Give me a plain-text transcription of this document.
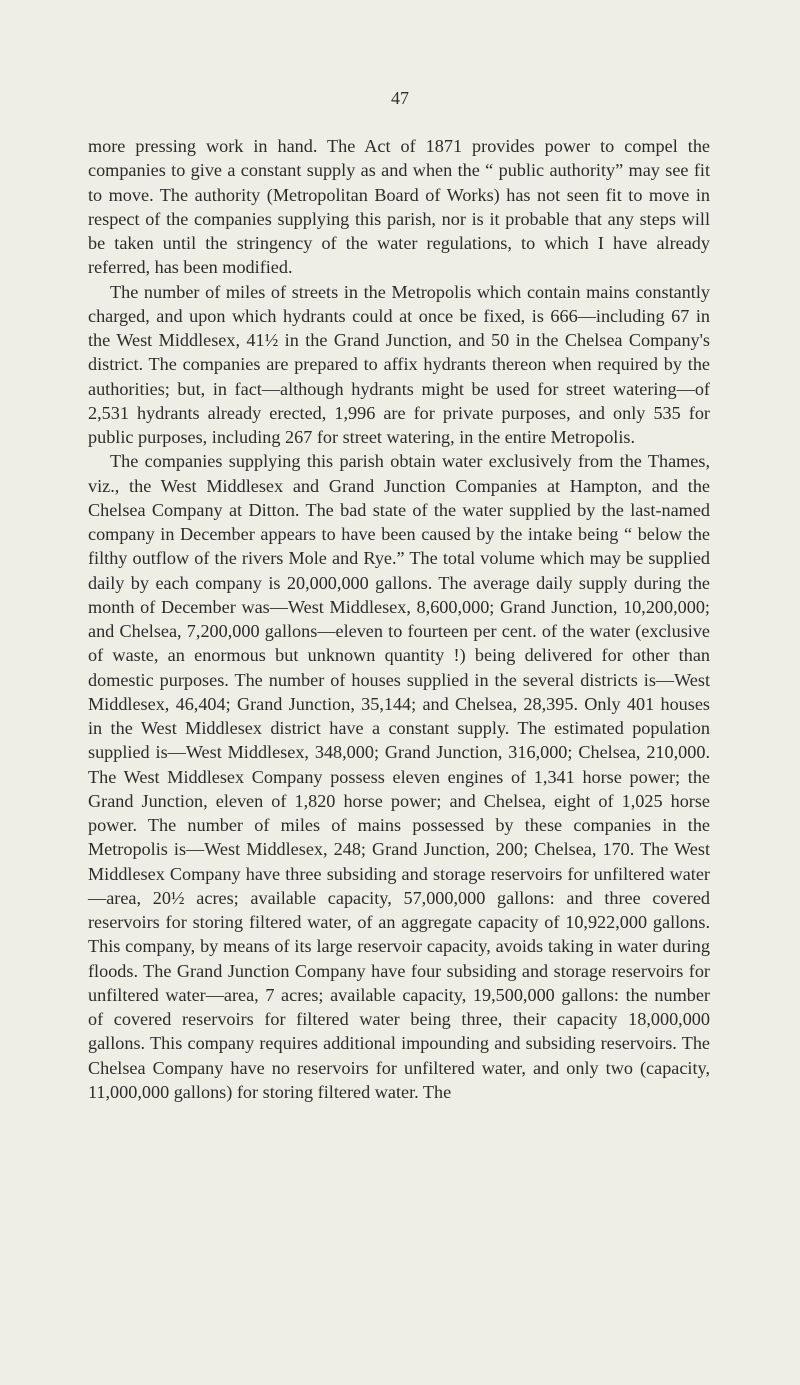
47

more pressing work in hand. The Act of 1871 provides power to compel the companies to give a constant supply as and when the “ public authority” may see fit to move. The authority (Metropolitan Board of Works) has not seen fit to move in respect of the companies supplying this parish, nor is it probable that any steps will be taken until the stringency of the water regulations, to which I have already referred, has been modified.

The number of miles of streets in the Metropolis which contain mains constantly charged, and upon which hydrants could at once be fixed, is 666—including 67 in the West Middlesex, 41½ in the Grand Junction, and 50 in the Chelsea Company's district. The companies are prepared to affix hydrants thereon when required by the authorities; but, in fact—although hydrants might be used for street watering—of 2,531 hydrants already erected, 1,996 are for private purposes, and only 535 for public purposes, including 267 for street watering, in the entire Metropolis.

The companies supplying this parish obtain water exclusively from the Thames, viz., the West Middlesex and Grand Junction Companies at Hampton, and the Chelsea Company at Ditton. The bad state of the water supplied by the last-named company in December appears to have been caused by the intake being “ below the filthy outflow of the rivers Mole and Rye.” The total volume which may be supplied daily by each company is 20,000,000 gallons. The average daily supply during the month of December was—West Middlesex, 8,600,000; Grand Junction, 10,200,000; and Chelsea, 7,200,000 gallons—eleven to fourteen per cent. of the water (exclusive of waste, an enormous but unknown quantity !) being delivered for other than domestic purposes. The number of houses supplied in the several districts is—West Middlesex, 46,404; Grand Junction, 35,144; and Chelsea, 28,395. Only 401 houses in the West Middlesex district have a constant supply. The estimated population supplied is—West Middlesex, 348,000; Grand Junction, 316,000; Chelsea, 210,000. The West Middlesex Company possess eleven engines of 1,341 horse power; the Grand Junction, eleven of 1,820 horse power; and Chelsea, eight of 1,025 horse power. The number of miles of mains possessed by these companies in the Metropolis is—West Middlesex, 248; Grand Junction, 200; Chelsea, 170. The West Middlesex Company have three subsiding and storage reservoirs for unfiltered water—area, 20½ acres; available capacity, 57,000,000 gallons: and three covered reservoirs for storing filtered water, of an aggregate capacity of 10,922,000 gallons. This company, by means of its large reservoir capacity, avoids taking in water during floods. The Grand Junction Company have four subsiding and storage reservoirs for unfiltered water—area, 7 acres; available capacity, 19,500,000 gallons: the number of covered reservoirs for filtered water being three, their capacity 18,000,000 gallons. This company requires additional impounding and subsiding reservoirs. The Chelsea Company have no reservoirs for unfiltered water, and only two (capacity, 11,000,000 gallons) for storing filtered water. The
